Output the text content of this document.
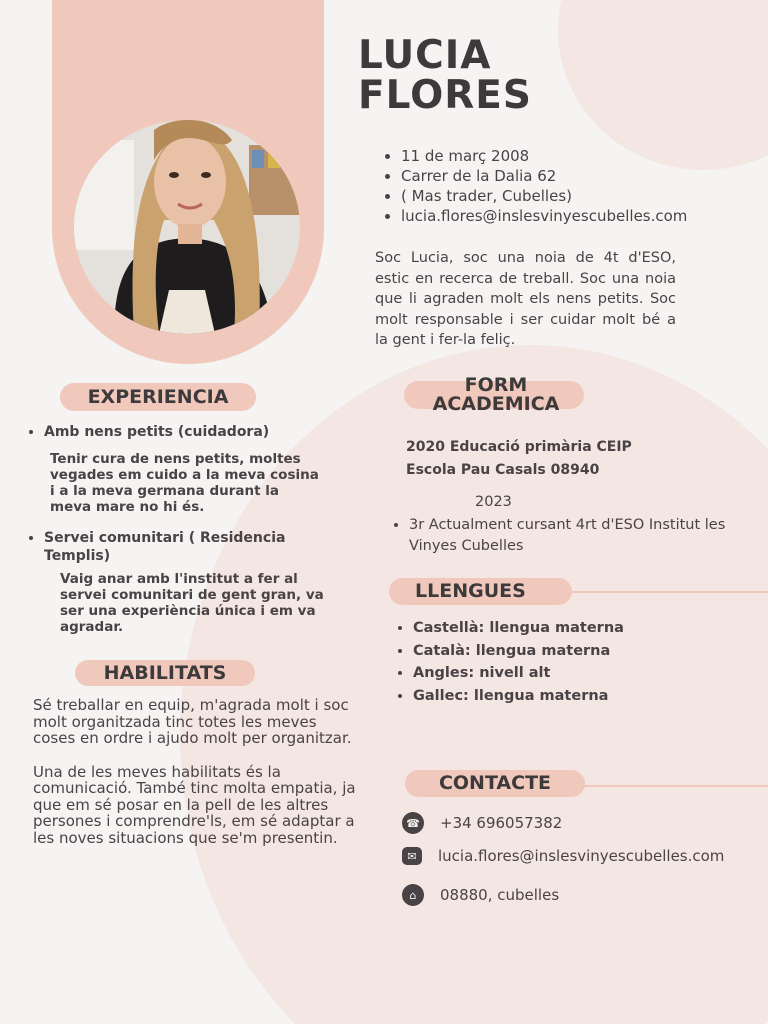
LUCIA
FLORES
• 11 de març 2008
• Carrer de la Dalia 62
• ( Mas trader, Cubelles)
• lucia.flores@inslesvinyescubelles.com
Soc Lucia, soc una noia de 4t d'ESO, estic en recerca de treball. Soc una noia que li agraden molt els nens petits. Soc molt responsable i ser cuidar molt bé a la gent i fer-la feliç.
EXPERIENCIA
• Amb nens petits (cuidadora)
Tenir cura de nens petits, moltes vegades em cuido a la meva cosina i a la meva germana durant la meva mare no hi és.
• Servei comunitari ( Residencia Templis)
Vaig anar amb l'institut a fer al servei comunitari de gent gran, va ser una experiència única i em va agradar.
HABILITATS

Sé treballar en equip, m'agrada molt i soc molt organitzada tinc totes les meves coses en ordre i ajudo molt per organitzar.

Una de les meves habilitats és la comunicació. També tinc molta empatia, ja que em sé posar en la pell de les altres persones i comprendre'ls, em sé adaptar a les noves situacions que se'm presentin.

FORM
ACADEMICA
2020 Educació primària CEIP
Escola Pau Casals 08940
2023
• 3r Actualment cursant 4rt d'ESO Institut les Vinyes Cubelles
LLENGUES
• Castellà: llengua materna
• Català: llengua materna
• Angles: nivell alt
• Gallec: llengua materna
CONTACTE
☎ +34 696057382
✉	lucia.flores@inslesvinyescubelles.com
⌂	08880, cubelles
